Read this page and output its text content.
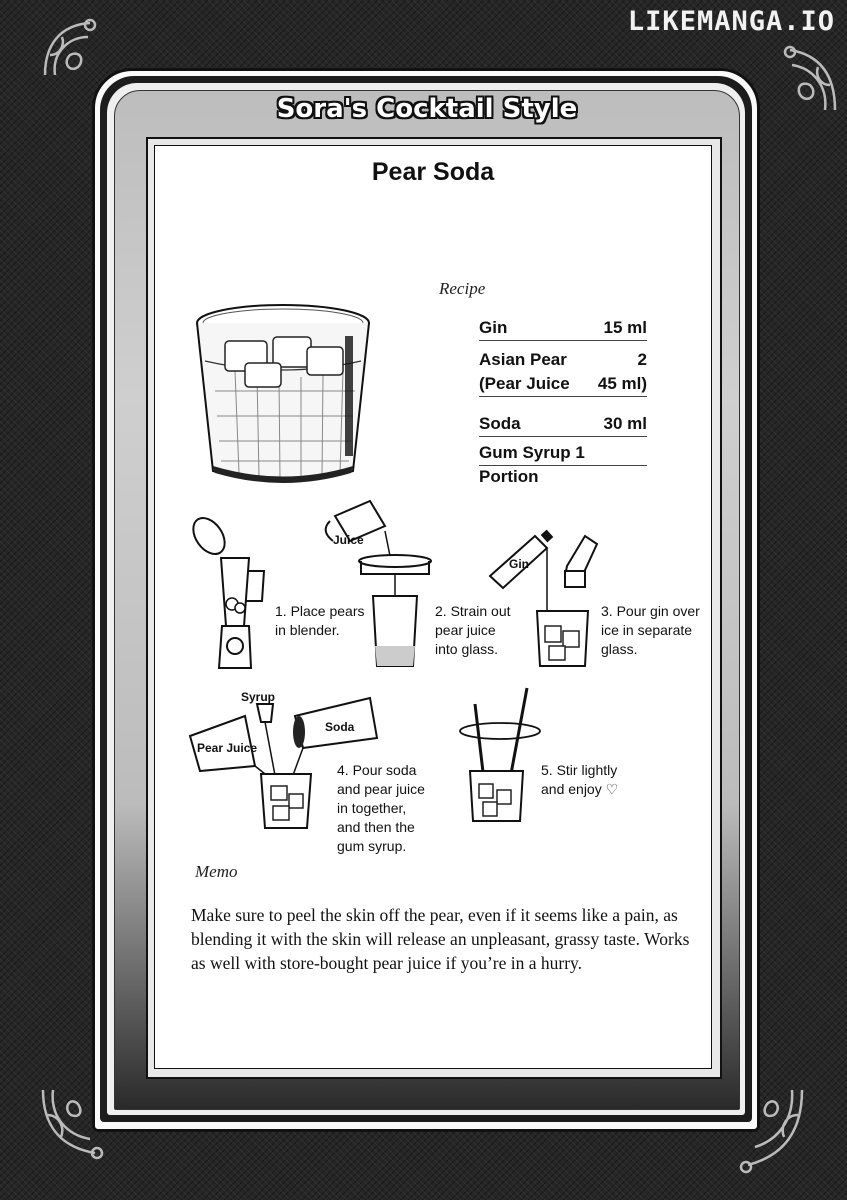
LIKEMANGA.IO
Sora's Cocktail Style
Pear Soda
Recipe
Gin	15 ml
Asian Pear	2
(Pear Juice 45 ml)
Soda	30 ml
Gum Syrup 1 Portion
Juice
Gin
Pear Juice
Syrup
Soda
1. Place pears
in blender.
2. Strain out
pear juice
into glass.
3. Pour gin over
ice in separate
glass.
4. Pour soda
and pear juice
in together,
and then the
gum syrup.
5. Stir lightly
and enjoy ♡
Memo
Make sure to peel the skin off the pear, even if it seems like a pain, as blending it with the skin will release an unpleasant, grassy taste. Works as well with store-bought pear juice if you’re in a hurry.
